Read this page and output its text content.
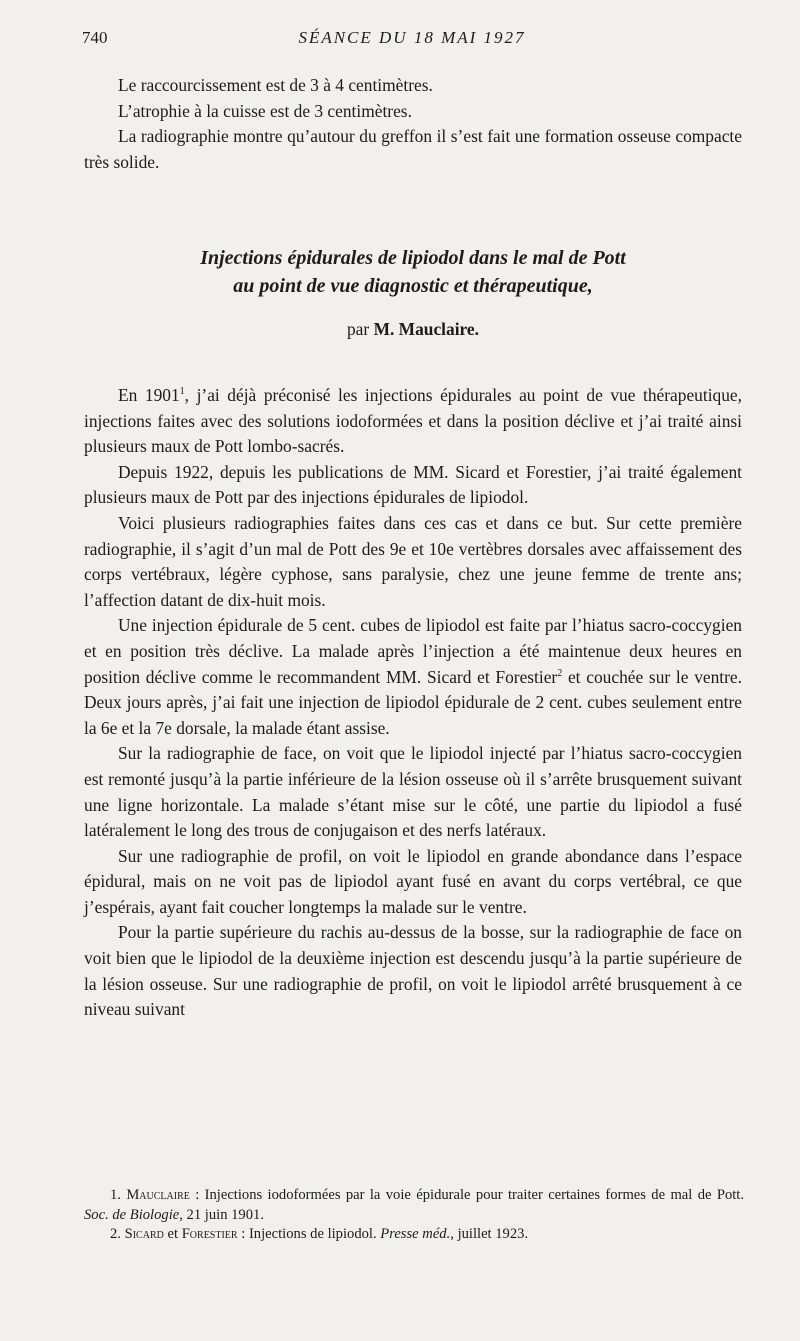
740	SÉANCE DU 18 MAI 1927

Le raccourcissement est de 3 à 4 centimètres.

L’atrophie à la cuisse est de 3 centimètres.

La radiographie montre qu’autour du greffon il s’est fait une formation osseuse compacte très solide.

Injections épidurales de lipiodol dans le mal de Pott
au point de vue diagnostic et thérapeutique,
par M. Mauclaire.

En 1901$^1$, j’ai déjà préconisé les injections épidurales au point de vue thérapeutique, injections faites avec des solutions iodoformées et dans la position déclive et j’ai traité ainsi plusieurs maux de Pott lombo-sacrés.

Depuis 1922, depuis les publications de MM. Sicard et Forestier, j’ai traité également plusieurs maux de Pott par des injections épidurales de lipiodol.

Voici plusieurs radiographies faites dans ces cas et dans ce but. Sur cette première radiographie, il s’agit d’un mal de Pott des 9e et 10e vertèbres dorsales avec affaissement des corps vertébraux, légère cyphose, sans paralysie, chez une jeune femme de trente ans; l’affection datant de dix-huit mois.

Une injection épidurale de 5 cent. cubes de lipiodol est faite par l’hiatus sacro-coccygien et en position très déclive. La malade après l’injection a été maintenue deux heures en position déclive comme le recommandent MM. Sicard et Forestier$^2$ et couchée sur le ventre. Deux jours après, j’ai fait une injection de lipiodol épidurale de 2 cent. cubes seulement entre la 6e et la 7e dorsale, la malade étant assise.

Sur la radiographie de face, on voit que le lipiodol injecté par l’hiatus sacro-coccygien est remonté jusqu’à la partie inférieure de la lésion osseuse où il s’arrête brusquement suivant une ligne horizontale. La malade s’étant mise sur le côté, une partie du lipiodol a fusé latéralement le long des trous de conjugaison et des nerfs latéraux.

Sur une radiographie de profil, on voit le lipiodol en grande abondance dans l’espace épidural, mais on ne voit pas de lipiodol ayant fusé en avant du corps vertébral, ce que j’espérais, ayant fait coucher longtemps la malade sur le ventre.

Pour la partie supérieure du rachis au-dessus de la bosse, sur la radiographie de face on voit bien que le lipiodol de la deuxième injection est descendu jusqu’à la partie supérieure de la lésion osseuse. Sur une radiographie de profil, on voit le lipiodol arrêté brusquement à ce niveau suivant

1. Mauclaire : Injections iodoformées par la voie épidurale pour traiter certaines formes de mal de Pott. Soc. de Biologie, 21 juin 1901.

2. Sicard et Forestier : Injections de lipiodol. Presse méd., juillet 1923.
